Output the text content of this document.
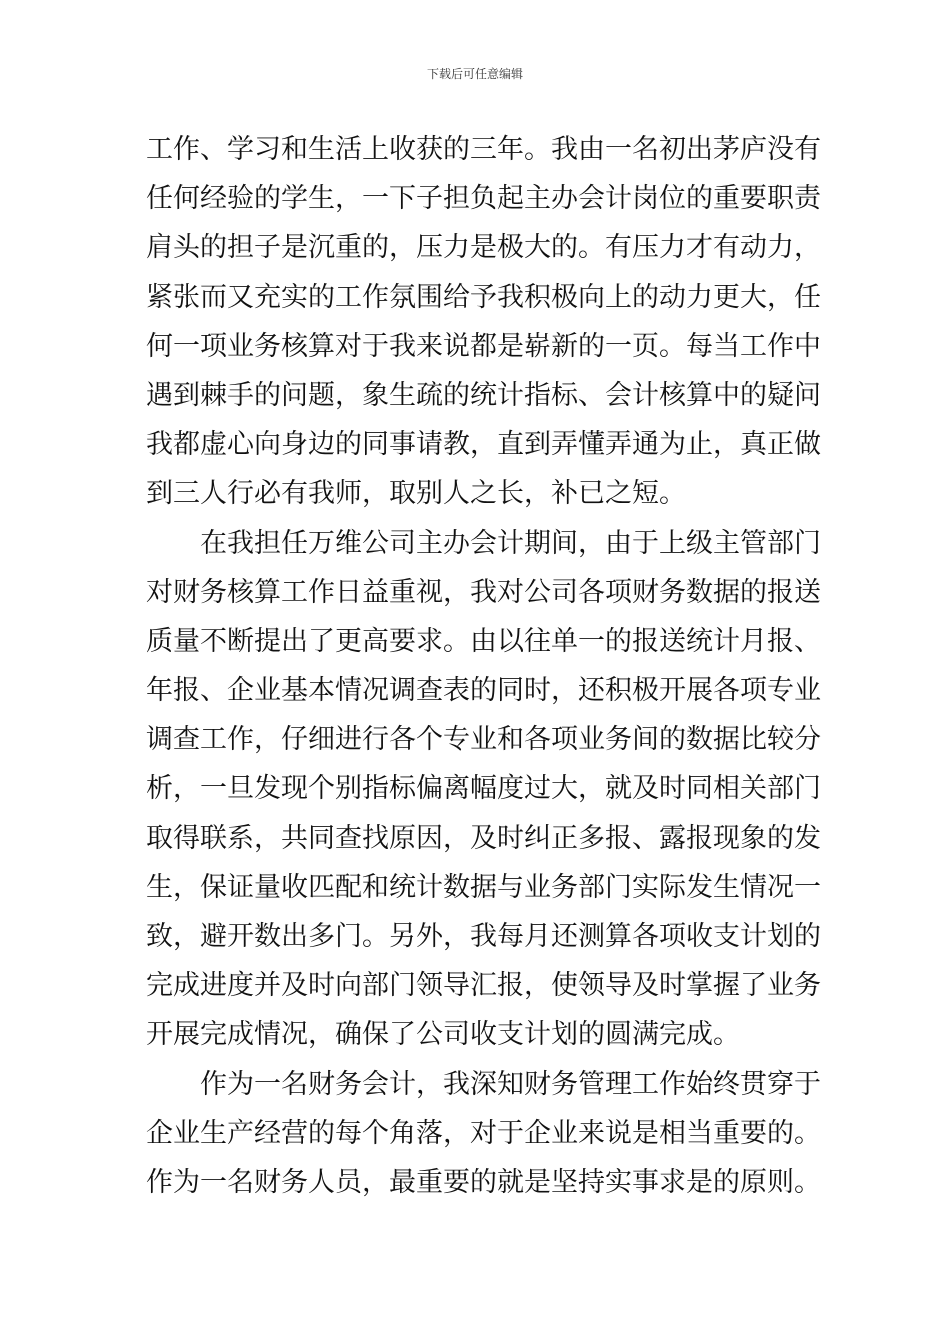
下载后可任意编辑
工作、学习和生活上收获的三年。我由一名初出茅庐没有
任何经验的学生，一下子担负起主办会计岗位的重要职责
肩头的担子是沉重的，压力是极大的。有压力才有动力，
紧张而又充实的工作氛围给予我积极向上的动力更大，任
何一项业务核算对于我来说都是崭新的一页。每当工作中
遇到棘手的问题，象生疏的统计指标、会计核算中的疑问
我都虚心向身边的同事请教，直到弄懂弄通为止，真正做
到三人行必有我师，取别人之长，补已之短。
在我担任万维公司主办会计期间，由于上级主管部门
对财务核算工作日益重视，我对公司各项财务数据的报送
质量不断提出了更高要求。由以往单一的报送统计月报、
年报、企业基本情况调查表的同时，还积极开展各项专业
调查工作，仔细进行各个专业和各项业务间的数据比较分
析，一旦发现个别指标偏离幅度过大，就及时同相关部门
取得联系，共同查找原因，及时纠正多报、露报现象的发
生，保证量收匹配和统计数据与业务部门实际发生情况一
致，避开数出多门。另外，我每月还测算各项收支计划的
完成进度并及时向部门领导汇报，使领导及时掌握了业务
开展完成情况，确保了公司收支计划的圆满完成。
作为一名财务会计，我深知财务管理工作始终贯穿于
企业生产经营的每个角落，对于企业来说是相当重要的。
作为一名财务人员，最重要的就是坚持实事求是的原则。
